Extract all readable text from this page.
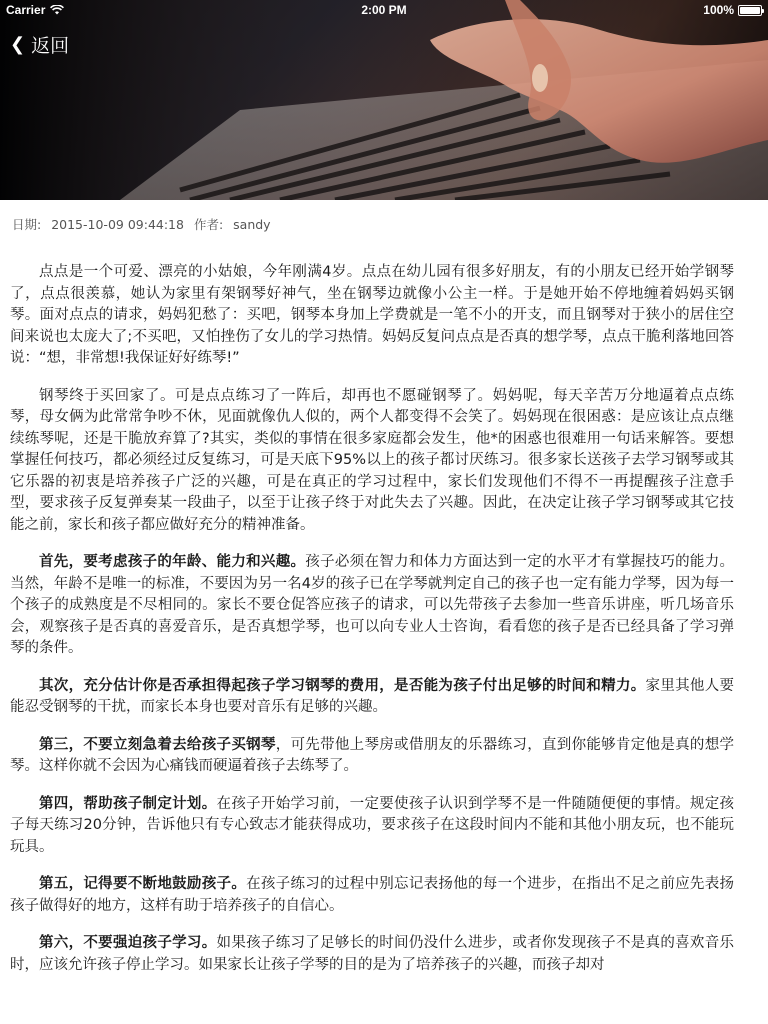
Carrier	2:00 PM	100%
❮ 返回
日期: 2015-10-09 09:44:18 作者: sandy

点点是一个可爱、漂亮的小姑娘，今年刚满4岁。点点在幼儿园有很多好朋友，有的小朋友已经开始学钢琴了，点点很羡慕，她认为家里有架钢琴好神气，坐在钢琴边就像小公主一样。于是她开始不停地缠着妈妈买钢琴。面对点点的请求，妈妈犯愁了：买吧，钢琴本身加上学费就是一笔不小的开支，而且钢琴对于狭小的居住空间来说也太庞大了;不买吧，又怕挫伤了女儿的学习热情。妈妈反复问点点是否真的想学琴，点点干脆利落地回答说：“想，非常想!我保证好好练琴!”

钢琴终于买回家了。可是点点练习了一阵后，却再也不愿碰钢琴了。妈妈呢，每天辛苦万分地逼着点点练琴，母女俩为此常常争吵不休，见面就像仇人似的，两个人都变得不会笑了。妈妈现在很困惑：是应该让点点继续练琴呢，还是干脆放弃算了?其实，类似的事情在很多家庭都会发生，他*的困惑也很难用一句话来解答。要想掌握任何技巧，都必须经过反复练习，可是天底下95%以上的孩子都讨厌练习。很多家长送孩子去学习钢琴或其它乐器的初衷是培养孩子广泛的兴趣，可是在真正的学习过程中，家长们发现他们不得不一再提醒孩子注意手型，要求孩子反复弹奏某一段曲子，以至于让孩子终于对此失去了兴趣。因此，在决定让孩子学习钢琴或其它技能之前，家长和孩子都应做好充分的精神准备。

首先，要考虑孩子的年龄、能力和兴趣。孩子必须在智力和体力方面达到一定的水平才有掌握技巧的能力。当然，年龄不是唯一的标准，不要因为另一名4岁的孩子已在学琴就判定自己的孩子也一定有能力学琴，因为每一个孩子的成熟度是不尽相同的。家长不要仓促答应孩子的请求，可以先带孩子去参加一些音乐讲座，听几场音乐会，观察孩子是否真的喜爱音乐，是否真想学琴，也可以向专业人士咨询，看看您的孩子是否已经具备了学习弹琴的条件。

其次，充分估计你是否承担得起孩子学习钢琴的费用，是否能为孩子付出足够的时间和精力。家里其他人要能忍受钢琴的干扰，而家长本身也要对音乐有足够的兴趣。

第三，不要立刻急着去给孩子买钢琴，可先带他上琴房或借朋友的乐器练习，直到你能够肯定他是真的想学琴。这样你就不会因为心痛钱而硬逼着孩子去练琴了。

第四，帮助孩子制定计划。在孩子开始学习前，一定要使孩子认识到学琴不是一件随随便便的事情。规定孩子每天练习20分钟，告诉他只有专心致志才能获得成功，要求孩子在这段时间内不能和其他小朋友玩，也不能玩玩具。

第五，记得要不断地鼓励孩子。在孩子练习的过程中别忘记表扬他的每一个进步，在指出不足之前应先表扬孩子做得好的地方，这样有助于培养孩子的自信心。

第六，不要强迫孩子学习。如果孩子练习了足够长的时间仍没什么进步，或者你发现孩子不是真的喜欢音乐时，应该允许孩子停止学习。如果家长让孩子学琴的目的是为了培养孩子的兴趣，而孩子却对
